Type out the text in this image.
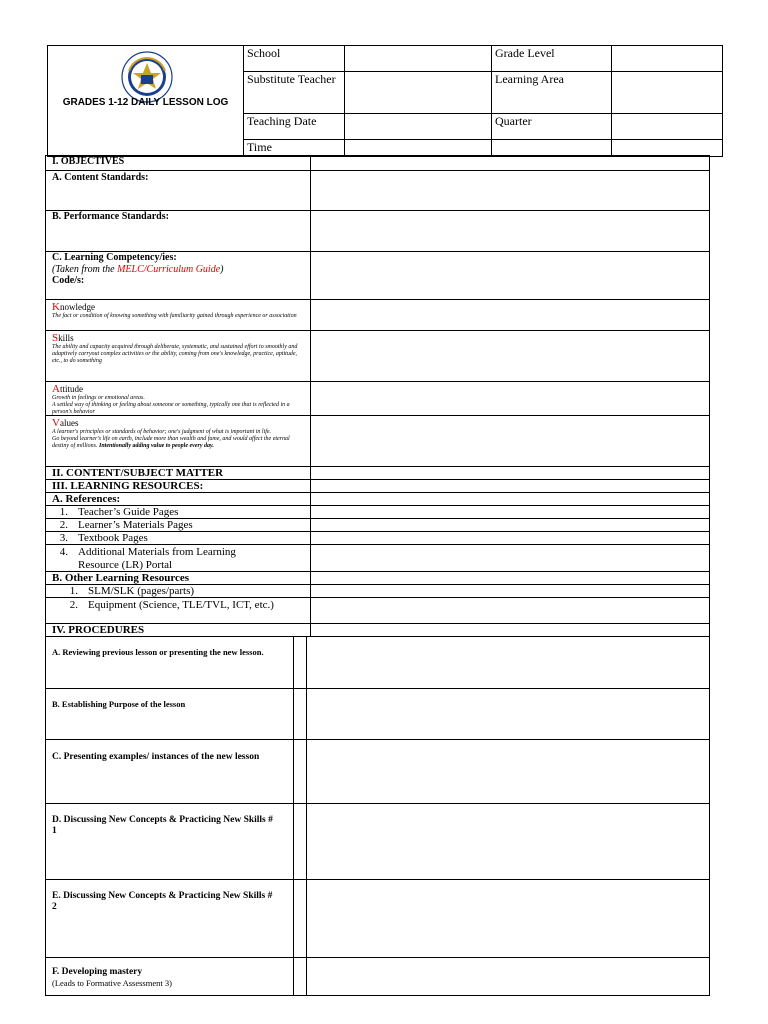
GRADES 1-12 DAILY LESSON LOG
School	Grade Level
Substitute Teacher	Learning Area
Teaching Date	Quarter
Time
I. OBJECTIVES
A. Content Standards:
B. Performance Standards:
C. Learning Competency/ies:
(Taken from the MELC/Curriculum Guide)
Code/s:
Knowledge
The fact or condition of knowing something with familiarity gained through experience or association
Skills
The ability and capacity acquired through deliberate, systematic, and sustained effort to smoothly and adaptively carryout complex activities or the ability, coming from one's knowledge, practice, aptitude, etc., to do something
Attitude
Growth in feelings or emotional areas.
A settled way of thinking or feeling about someone or something, typically one that is reflected in a person's behavior
Values
A learner's principles or standards of behavior; one's judgment of what is important in life.
Go beyond learner's life on earth, include more than wealth and fame, and would affect the eternal destiny of millions. Intentionally adding value to people every day.
II. CONTENT/SUBJECT MATTER
III. LEARNING RESOURCES:
A. References:
1. Teacher’s Guide Pages
2. Learner’s Materials Pages
3. Textbook Pages
4. Additional Materials from Learning Resource (LR) Portal
B. Other Learning Resources
1. SLM/SLK (pages/parts)
2. Equipment (Science, TLE/TVL, ICT, etc.)
IV. PROCEDURES
A. Reviewing previous lesson or presenting the new lesson.
B. Establishing Purpose of the lesson
C. Presenting examples/ instances of the new lesson
D. Discussing New Concepts & Practicing New Skills # 1
E. Discussing New Concepts & Practicing New Skills # 2
F. Developing mastery
(Leads to Formative Assessment 3)
